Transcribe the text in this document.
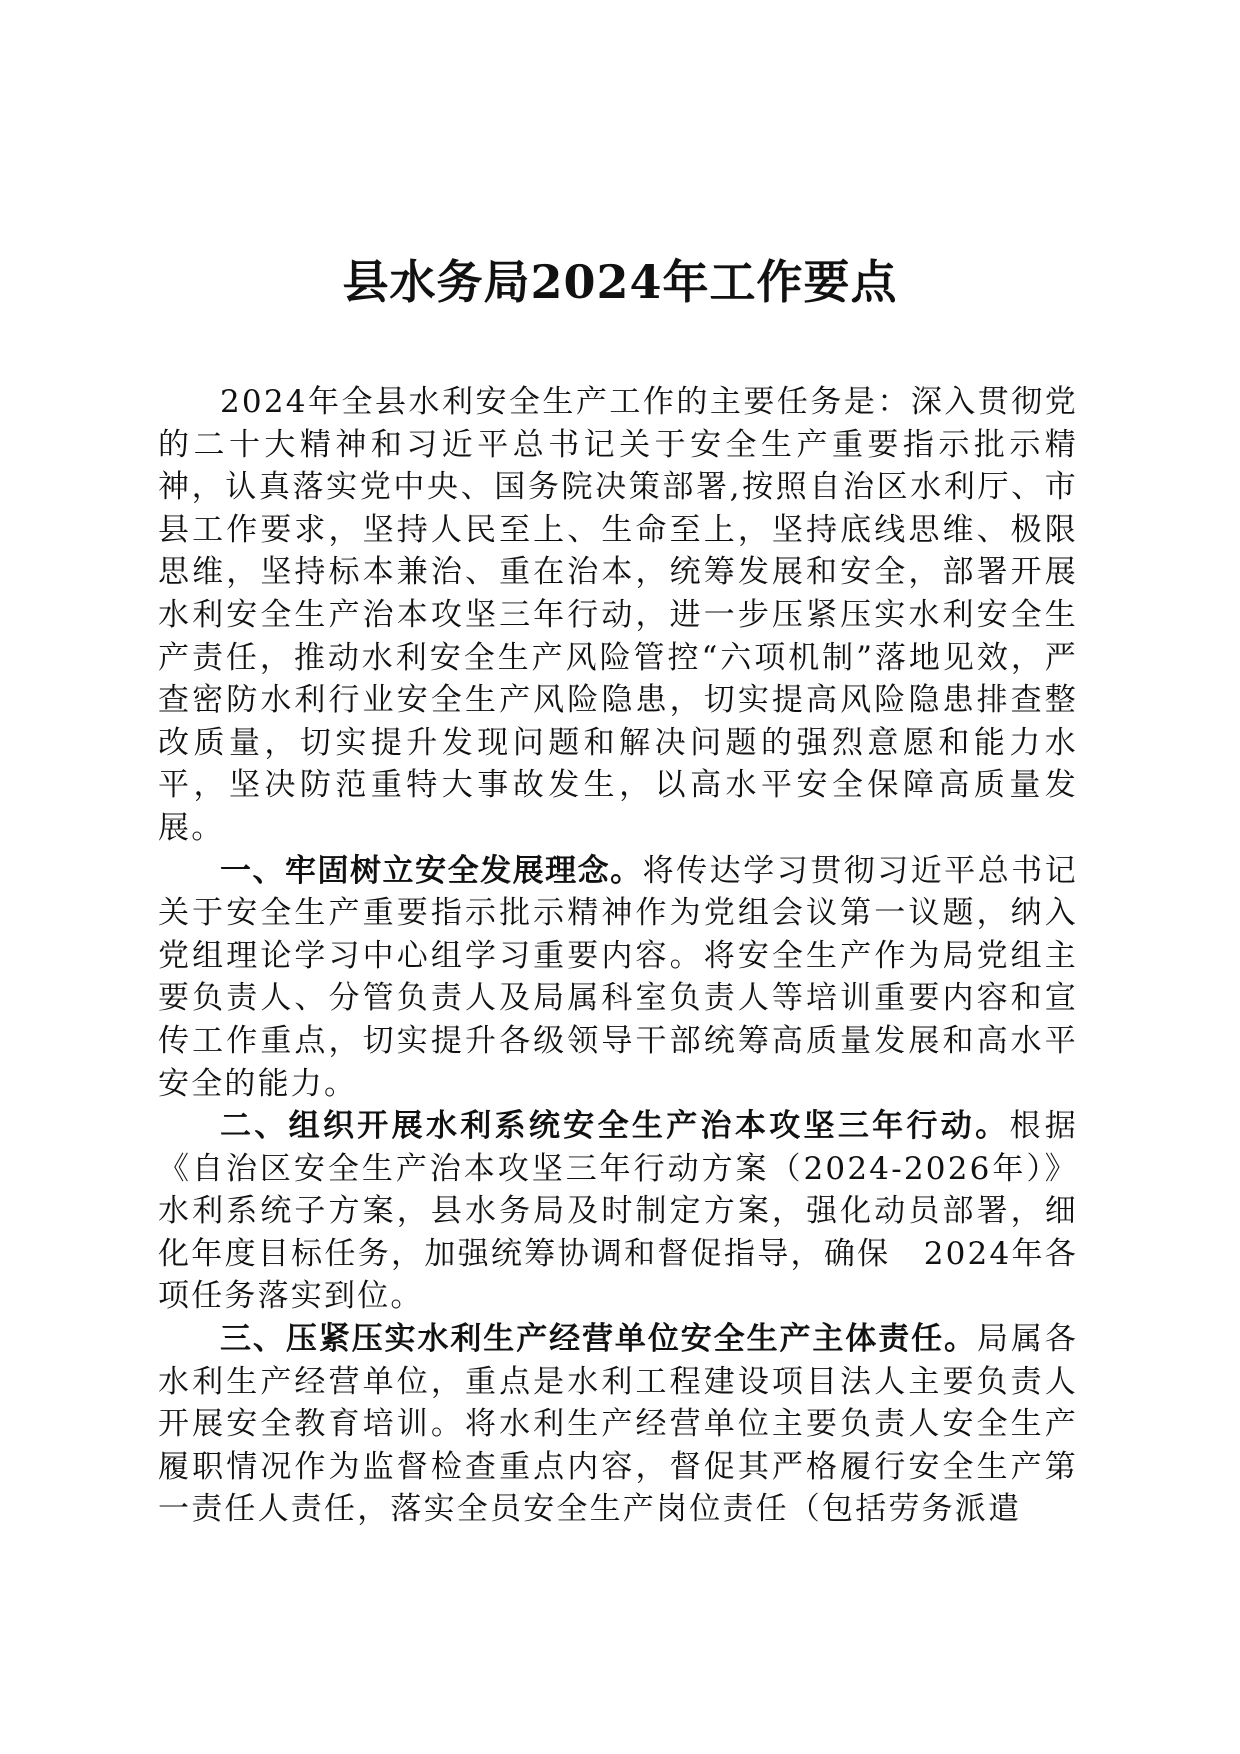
县水务局2024年工作要点

2024年全县水利安全生产工作的主要任务是：深入贯彻党的二十大精神和习近平总书记关于安全生产重要指示批示精神，认真落实党中央、国务院决策部署,按照自治区水利厅、市县工作要求，坚持人民至上、生命至上，坚持底线思维、极限思维，坚持标本兼治、重在治本，统筹发展和安全，部署开展水利安全生产治本攻坚三年行动，进一步压紧压实水利安全生产责任，推动水利安全生产风险管控“六项机制”落地见效，严查密防水利行业安全生产风险隐患，切实提高风险隐患排查整改质量，切实提升发现问题和解决问题的强烈意愿和能力水平，坚决防范重特大事故发生，以高水平安全保障高质量发展。

一、牢固树立安全发展理念。将传达学习贯彻习近平总书记关于安全生产重要指示批示精神作为党组会议第一议题，纳入党组理论学习中心组学习重要内容。将安全生产作为局党组主要负责人、分管负责人及局属科室负责人等培训重要内容和宣传工作重点，切实提升各级领导干部统筹高质量发展和高水平安全的能力。

二、组织开展水利系统安全生产治本攻坚三年行动。根据《自治区安全生产治本攻坚三年行动方案（2024-2026年）》水利系统子方案，县水务局及时制定方案，强化动员部署，细化年度目标任务，加强统筹协调和督促指导，确保　2024年各项任务落实到位。

三、压紧压实水利生产经营单位安全生产主体责任。局属各水利生产经营单位，重点是水利工程建设项目法人主要负责人开展安全教育培训。将水利生产经营单位主要负责人安全生产履职情况作为监督检查重点内容，督促其严格履行安全生产第一责任人责任，落实全员安全生产岗位责任（包括劳务派遣
